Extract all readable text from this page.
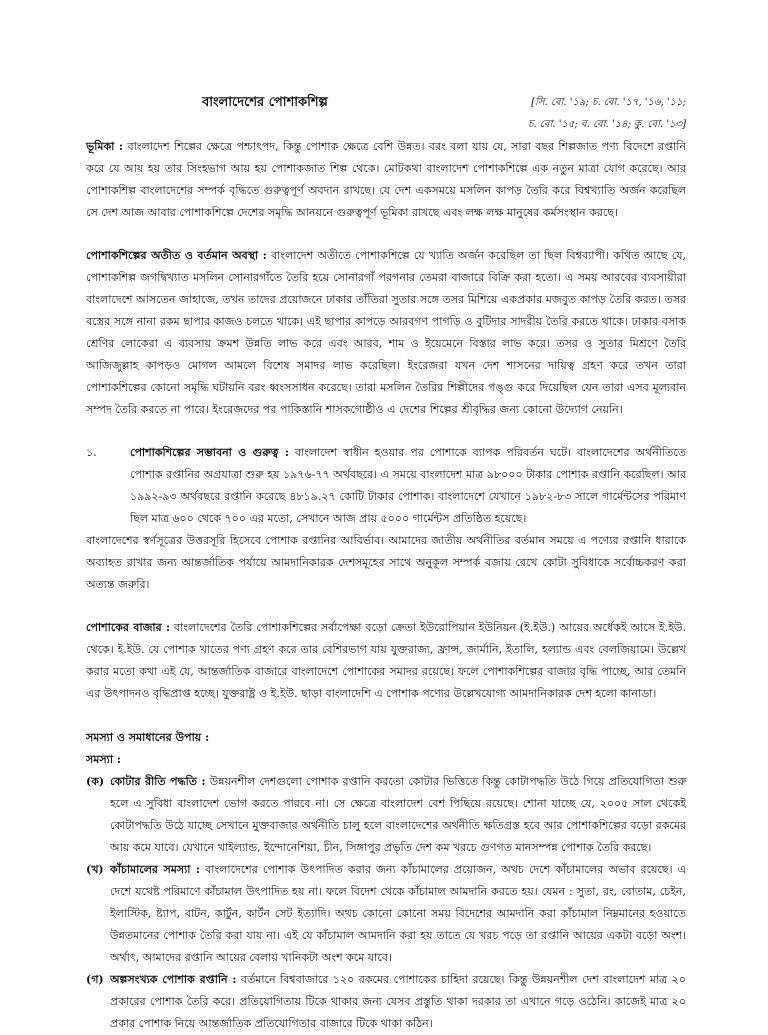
বাংলাদেশের পোশাকশিল্প	[সি. বো. '১৯; চ. বো. '১৭, '১৬, '১১;
চ. বো. '১৫; ব. বো. '১৪; কু. বো. '১৩]

ভূমিকা : বাংলাদেশ শিল্পের ক্ষেত্রে পশ্চাৎপদ, কিন্তু পোশাক ক্ষেত্রে বেশি উন্নত। বরং বলা যায় যে, সারা বছর শিল্পজাত পণ্য বিদেশে রপ্তানি করে যে আয় হয় তার সিংহভাগ আয় হয় পোশাকজাত শিল্প থেকে। মোটকথা বাংলাদেশ পোশাকশিল্পে এক নতুন মাত্রা যোগ করেছে। আর পোশাকশিল্প বাংলাদেশের সম্পর্ক বৃদ্ধিতে গুরুত্বপূর্ণ অবদান রাখছে। যে দেশ একসময়ে মসলিন কাপড় তৈরি করে বিশ্বখ্যাতি অর্জন করেছিল সে দেশ আজ আবার পোশাকশিল্পে দেশের সমৃদ্ধি আনয়নে গুরুত্বপূর্ণ ভূমিকা রাখছে এবং লক্ষ লক্ষ মানুষের কর্মসংস্থান করছে।

পোশাকশিল্পের অতীত ও বর্তমান অবস্থা : বাংলাদেশ অতীতে পোশাকশিল্পে যে খ্যাতি অর্জন করেছিল তা ছিল বিশ্বব্যাপী। কথিত আছে যে, পোশাকশিল্প জগদ্বিখ্যাত মসলিন সোনারগাঁতে তৈরি হয়ে সোনারগাঁ পরগনার তেমরা বাজারে বিক্রি করা হতো। এ সময় আরবের ব্যবসায়ীরা বাংলাদেশে আসতেন জাহাজে, তখন তাদের প্রয়োজনে ঢাকার তাঁতিরা সুতার সঙ্গে তসর মিশিয়ে একপ্রকার মজবুত কাপড় তৈরি করত। তসর বস্ত্রের সঙ্গে নানা রকম ছাপার কাজও চলতে থাকে। এই ছাপার কাপড়ে আরবগণ পাগড়ি ও বুটিদার সাদরীয় তৈরি করতে থাকে। ঢাকার বসাক শ্রেণির লোকেরা এ ব্যবসায় ক্রমশ উন্নতি লাভ করে এবং আরব, শাম ও ইয়েমেনে বিস্তার লাভ করে। তসর ও সুতার মিশ্রণে তৈরি আজিজুল্লাহ কাপড়ও মোগল আমলে বিশেষ সমাদর লাভ করেছিল। ইংরেজরা যখন দেশ শাসনের দায়িত্ব গ্রহণ করে তখন তারা পোশাকশিল্পের কোনো সমৃদ্ধি ঘটায়নি বরং ধ্বংসসাধন করেছে। তারা মসলিন তৈরির শিল্পীদের পঙ্গু করে দিয়েছিল যেন তারা এসব মূল্যবান সম্পদ তৈরি করতে না পারে। ইংরেজদের পর পাকিস্তানি শাসকগোষ্ঠীও এ দেশের শিল্পের শ্রীবৃদ্ধির জন্য কোনো উদ্যোগ নেয়নি।

১.	পোশাকশিল্পের সম্ভাবনা ও গুরুত্ব : বাংলাদেশ স্বাধীন হওয়ার পর পোশাকে ব্যাপক পরিবর্তন ঘটে। বাংলাদেশের অর্থনীতিতে পোশাক রপ্তানির অগ্রযাত্রা শুরু হয় ১৯৭৬-৭৭ অর্থবছরে। এ সময়ে বাংলাদেশ মাত্র ৯৮০০০ টাকার পোশাক রপ্তানি করেছিল। আর ১৯৯২-৯৩ অর্থবছরে রপ্তানি করেছে ৪৮১৯.২৭ কোটি টাকার পোশাক। বাংলাদেশে যেখানে ১৯৮২-৮৩ সালে গার্মেন্টসের পরিমাণ ছিল মাত্র ৬০০ থেকে ৭০০ এর মতো, সেখানে আজ প্রায় ৫০০০ গার্মেন্টস প্রতিষ্ঠিত হয়েছে।

বাংলাদেশের স্বর্ণসূত্রের উত্তরসূরি হিসেবে পোশাক রপ্তানির আবির্ভাব। আমাদের জাতীয় অর্থনীতির বর্তমান সময়ে এ পণ্যের রপ্তানি ধারাকে অব্যাহত রাখার জন্য আন্তর্জাতিক পর্যায়ে আমদানিকারক দেশসমূহের সাথে অনুকূল সম্পর্ক বজায় রেখে কোটা সুবিধাকে সর্বোচ্চকরণ করা অত্যন্ত জরুরি।

পোশাকের বাজার : বাংলাদেশের তৈরি পোশাকশিল্পের সর্বাপেক্ষা বড়ো ক্রেতা ইউরোপিয়ান ইউনিয়ন (ই.ইউ.) আয়ের অর্ধেকই আসে ই.ইউ. থেকে। ই.ইউ. যে পোশাক খাতের পণ্য গ্রহণ করে তার বেশিরভাগ যায় যুক্তরাজ্য, ফ্রান্স, জার্মানি, ইতালি, হল্যান্ড এবং বেলজিয়ামে। উল্লেখ করার মতো কথা এই যে, আন্তর্জাতিক বাজারে বাংলাদেশে পোশাকের সমাদর রয়েছে। ফলে পোশাকশিল্পের বাজার বৃদ্ধি পাচ্ছে, আর তেমনি এর উৎপাদনও বৃদ্ধিপ্রাপ্ত হচ্ছে। যুক্তরাষ্ট্র ও ই.ইউ. ছাড়া বাংলাদেশি এ পোশাক পণ্যের উল্লেখযোগ্য আমদানিকারক দেশ হলো কানাডা।

সমস্যা ও সমাধানের উপায় :
সমস্যা :

(ক) কোটার রীতি পদ্ধতি : উন্নয়নশীল দেশগুলো পোশাক রপ্তানি করতো কোটার ভিত্তিতে কিন্তু কোটাপদ্ধতি উঠে গিয়ে প্রতিযোগিতা শুরু হলে এ সুবিধা বাংলাদেশ ভোগ করতে পারবে না। সে ক্ষেত্রে বাংলাদেশ বেশ পিছিয়ে রয়েছে। শোনা যাচ্ছে যে, ২০০৫ সাল থেকেই কোটাপদ্ধতি উঠে যাচ্ছে সেখানে মুক্তবাজার অর্থনীতি চালু হলে বাংলাদেশের অর্থনীতি ক্ষতিগ্রস্ত হবে আর পোশাকশিল্পের বড়ো রকমের আয় কমে যাবে। যেখানে থাইল্যান্ড, ইন্দোনেশিয়া, চীন, সিঙ্গাপুর প্রভৃতি দেশ কম খরচে গুণগত মানসম্পন্ন পোশাক তৈরি করছে।

(খ) কাঁচামালের সমস্যা : বাংলাদেশের পোশাক উৎপাদিত করার জন্য কাঁচামালের প্রয়োজন, অথচ দেশে কাঁচামালের অভাব রয়েছে। এ দেশে যথেষ্ট পরিমাণে কাঁচামাল উৎপাদিত হয় না। ফলে বিদেশ থেকে কাঁচামাল আমদানি করতে হয়। যেমন : সুতা, রং, বোতাম, চেইন, ইলাস্টিক, ষ্ট্যাপ, বাটন, কার্টুন, কার্টন সেট ইত্যাদি। অথচ কোনো কোনো সময় বিদেশের আমদানি করা কাঁচামাল নিম্নমানের হওয়াতে উন্নতমানের পোশাক তৈরি করা যায় না। এই যে কাঁচামাল আমদানি করা হয় তাতে যে খরচ পড়ে তা রপ্তানি আয়ের একটা বড়ো অংশ। অর্থাৎ, আমাদের রপ্তানি আয়ের বেলায় খানিকটা অংশ কমে যাবে।

(গ) অল্পসংখ্যক পোশাক রপ্তানি : বর্তমানে বিশ্ববাজারে ১২০ রকমের পোশাকের চাহিদা রয়েছে। কিন্তু উন্নয়নশীল দেশ বাংলাদেশ মাত্র ২০ প্রকারের পোশাক তৈরি করে। প্রতিযোগিতায় টিকে থাকার জন্য যেসব প্রস্তুতি থাকা দরকার তা এখানে গড়ে ওঠেনি। কাজেই মাত্র ২০ প্রকার পোশাক নিয়ে আন্তর্জাতিক প্রতিযোগিতার বাজারে টিকে থাকা কঠিন।
